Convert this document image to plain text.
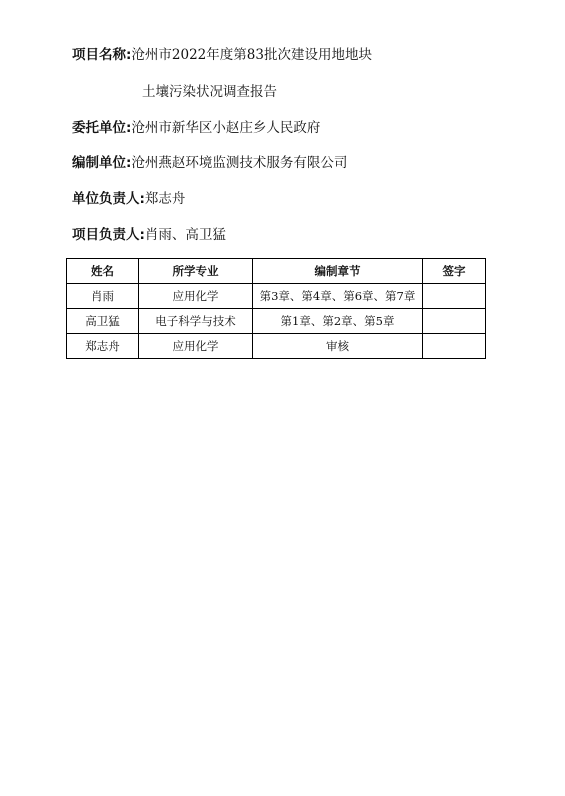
项目名称:沧州市2022年度第83批次建设用地地块
土壤污染状况调查报告
委托单位:沧州市新华区小赵庄乡人民政府
编制单位:沧州燕赵环境监测技术服务有限公司
单位负责人:郑志舟
项目负责人:肖雨、高卫猛
姓名	所学专业	编制章节	签字
肖雨	应用化学	第3章、第4章、第6章、第7章	
高卫猛	电子科学与技术	第1章、第2章、第5章	
郑志舟	应用化学	审核	
